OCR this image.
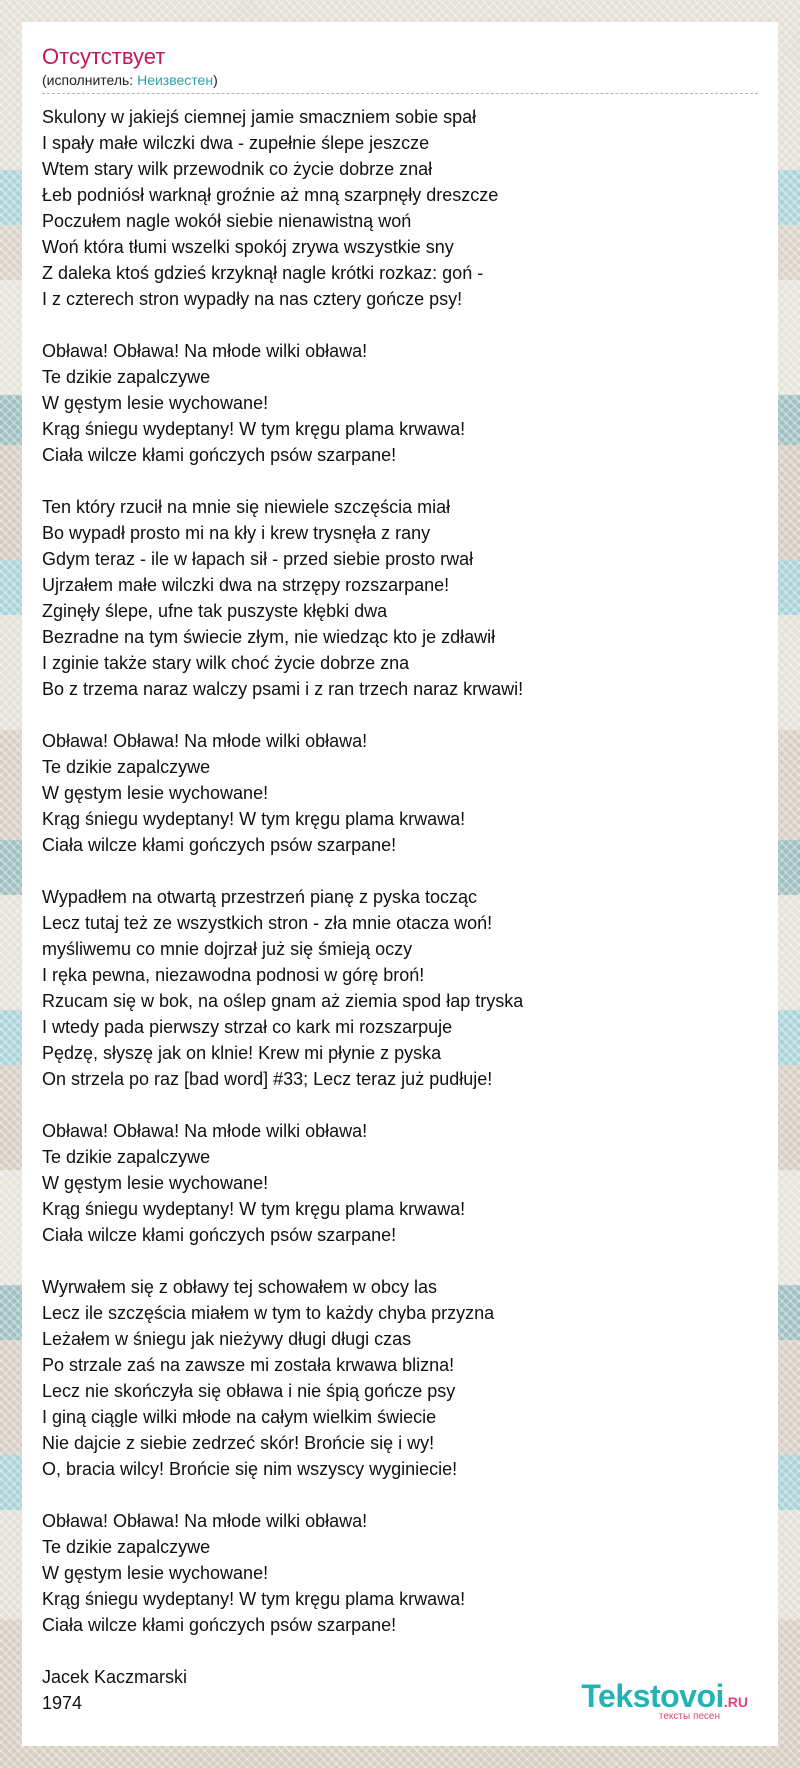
Отсутствует
(исполнитель: Неизвестен)
Skulony w jakiejś ciemnej jamie smaczniem sobie spał
I spały małe wilczki dwa - zupełnie ślepe jeszcze
Wtem stary wilk przewodnik co życie dobrze znał
Łeb podniósł warknął groźnie aż mną szarpnęły dreszcze
Poczułem nagle wokół siebie nienawistną woń
Woń która tłumi wszelki spokój zrywa wszystkie sny
Z daleka ktoś gdzieś krzyknął nagle krótki rozkaz: goń -
I z czterech stron wypadły na nas cztery gończe psy!
Obława! Obława! Na młode wilki obława!
Te dzikie zapalczywe
W gęstym lesie wychowane!
Krąg śniegu wydeptany! W tym kręgu plama krwawa!
Ciała wilcze kłami gończych psów szarpane!
Ten który rzucił na mnie się niewiele szczęścia miał
Bo wypadł prosto mi na kły i krew trysnęła z rany
Gdym teraz - ile w łapach sił - przed siebie prosto rwał
Ujrzałem małe wilczki dwa na strzępy rozszarpane!
Zginęły ślepe, ufne tak puszyste kłębki dwa
Bezradne na tym świecie złym, nie wiedząc kto je zdławił
I zginie także stary wilk choć życie dobrze zna
Bo z trzema naraz walczy psami i z ran trzech naraz krwawi!
Obława! Obława! Na młode wilki obława!
Te dzikie zapalczywe
W gęstym lesie wychowane!
Krąg śniegu wydeptany! W tym kręgu plama krwawa!
Ciała wilcze kłami gończych psów szarpane!
Wypadłem na otwartą przestrzeń pianę z pyska tocząc
Lecz tutaj też ze wszystkich stron - zła mnie otacza woń!
myśliwemu co mnie dojrzał już się śmieją oczy
I ręka pewna, niezawodna podnosi w górę broń!
Rzucam się w bok, na oślep gnam aż ziemia spod łap tryska
I wtedy pada pierwszy strzał co kark mi rozszarpuje
Pędzę, słyszę jak on klnie! Krew mi płynie z pyska
On strzela po raz [bad word] #33; Lecz teraz już pudłuje!
Obława! Obława! Na młode wilki obława!
Te dzikie zapalczywe
W gęstym lesie wychowane!
Krąg śniegu wydeptany! W tym kręgu plama krwawa!
Ciała wilcze kłami gończych psów szarpane!
Wyrwałem się z obławy tej schowałem w obcy las
Lecz ile szczęścia miałem w tym to każdy chyba przyzna
Leżałem w śniegu jak nieżywy długi długi czas
Po strzale zaś na zawsze mi została krwawa blizna!
Lecz nie skończyła się obława i nie śpią gończe psy
I giną ciągle wilki młode na całym wielkim świecie
Nie dajcie z siebie zedrzeć skór! Brońcie się i wy!
O, bracia wilcy! Brońcie się nim wszyscy wyginiecie!
Obława! Obława! Na młode wilki obława!
Te dzikie zapalczywe
W gęstym lesie wychowane!
Krąg śniegu wydeptany! W tym kręgu plama krwawa!
Ciała wilcze kłami gończych psów szarpane!
Jacek Kaczmarski
1974	Tekstovoi.RU
тексты песен
